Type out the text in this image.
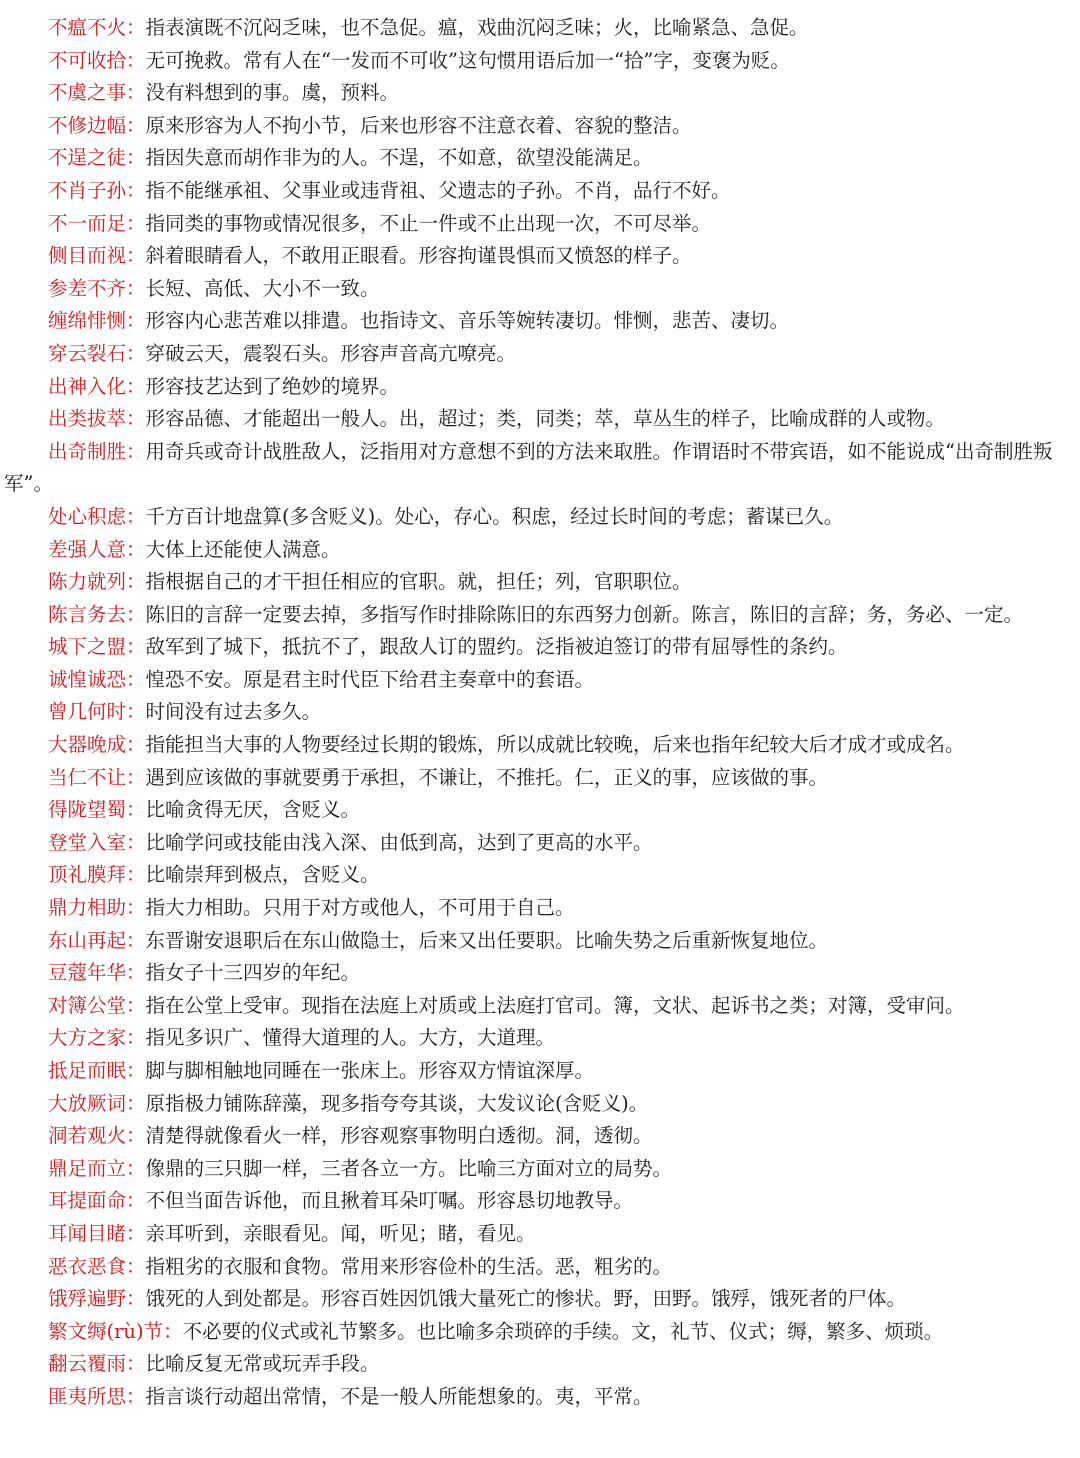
不瘟不火：指表演既不沉闷乏味，也不急促。瘟，戏曲沉闷乏味；火，比喻紧急、急促。

不可收拾：无可挽救。常有人在“一发而不可收”这句惯用语后加一“拾”字，变褒为贬。

不虞之事：没有料想到的事。虞，预料。

不修边幅：原来形容为人不拘小节，后来也形容不注意衣着、容貌的整洁。

不逞之徒：指因失意而胡作非为的人。不逞，不如意，欲望没能满足。

不肖子孙：指不能继承祖、父事业或违背祖、父遗志的子孙。不肖，品行不好。

不一而足：指同类的事物或情况很多，不止一件或不止出现一次，不可尽举。

侧目而视：斜着眼睛看人，不敢用正眼看。形容拘谨畏惧而又愤怒的样子。

参差不齐：长短、高低、大小不一致。

缠绵悱恻：形容内心悲苦难以排遣。也指诗文、音乐等婉转凄切。悱恻，悲苦、凄切。

穿云裂石：穿破云天，震裂石头。形容声音高亢嘹亮。

出神入化：形容技艺达到了绝妙的境界。

出类拔萃：形容品德、才能超出一般人。出，超过；类，同类；萃，草丛生的样子，比喻成群的人或物。

出奇制胜：用奇兵或奇计战胜敌人，泛指用对方意想不到的方法来取胜。作谓语时不带宾语，如不能说成“出奇制胜叛军”。

处心积虑：千方百计地盘算(多含贬义)。处心，存心。积虑，经过长时间的考虑；蓄谋已久。

差强人意：大体上还能使人满意。

陈力就列：指根据自己的才干担任相应的官职。就，担任；列，官职职位。

陈言务去：陈旧的言辞一定要去掉，多指写作时排除陈旧的东西努力创新。陈言，陈旧的言辞；务，务必、一定。

城下之盟：敌军到了城下，抵抗不了，跟敌人订的盟约。泛指被迫签订的带有屈辱性的条约。

诚惶诚恐：惶恐不安。原是君主时代臣下给君主奏章中的套语。

曾几何时：时间没有过去多久。

大器晚成：指能担当大事的人物要经过长期的锻炼，所以成就比较晚，后来也指年纪较大后才成才或成名。

当仁不让：遇到应该做的事就要勇于承担，不谦让，不推托。仁，正义的事，应该做的事。

得陇望蜀：比喻贪得无厌，含贬义。

登堂入室：比喻学问或技能由浅入深、由低到高，达到了更高的水平。

顶礼膜拜：比喻崇拜到极点，含贬义。

鼎力相助：指大力相助。只用于对方或他人，不可用于自己。

东山再起：东晋谢安退职后在东山做隐士，后来又出任要职。比喻失势之后重新恢复地位。

豆蔻年华：指女子十三四岁的年纪。

对簿公堂：指在公堂上受审。现指在法庭上对质或上法庭打官司。簿，文状、起诉书之类；对簿，受审问。

大方之家：指见多识广、懂得大道理的人。大方，大道理。

抵足而眠：脚与脚相触地同睡在一张床上。形容双方情谊深厚。

大放厥词：原指极力铺陈辞藻，现多指夸夸其谈，大发议论(含贬义)。

洞若观火：清楚得就像看火一样，形容观察事物明白透彻。洞，透彻。

鼎足而立：像鼎的三只脚一样，三者各立一方。比喻三方面对立的局势。

耳提面命：不但当面告诉他，而且揪着耳朵叮嘱。形容恳切地教导。

耳闻目睹：亲耳听到，亲眼看见。闻，听见；睹，看见。

恶衣恶食：指粗劣的衣服和食物。常用来形容俭朴的生活。恶，粗劣的。

饿殍遍野：饿死的人到处都是。形容百姓因饥饿大量死亡的惨状。野，田野。饿殍，饿死者的尸体。

繁文缛(rù)节：不必要的仪式或礼节繁多。也比喻多余琐碎的手续。文，礼节、仪式；缛，繁多、烦琐。

翻云覆雨：比喻反复无常或玩弄手段。

匪夷所思：指言谈行动超出常情，不是一般人所能想象的。夷，平常。
